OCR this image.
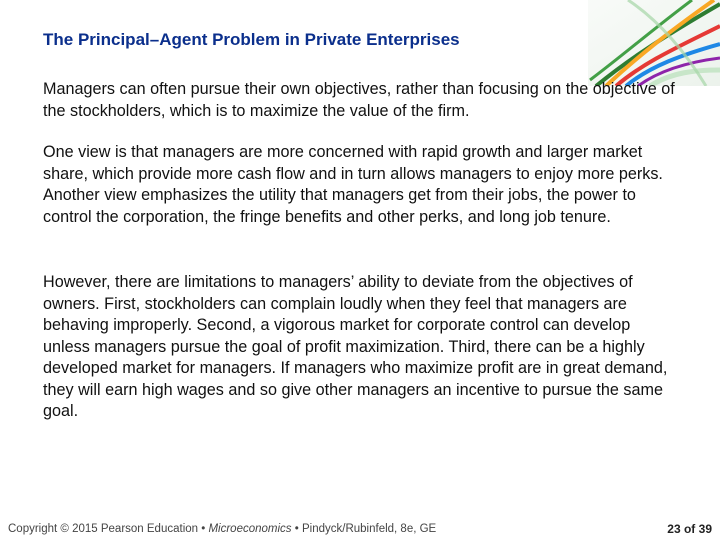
The Principal–Agent Problem in Private Enterprises
Managers can often pursue their own objectives, rather than focusing on the objective of the stockholders, which is to maximize the value of the firm.
One view is that managers are more concerned with rapid growth and larger market share, which provide more cash flow and in turn allows managers to enjoy more perks. Another view emphasizes the utility that managers get from their jobs, the power to control the corporation, the fringe benefits and other perks, and long job tenure.
However, there are limitations to managers’ ability to deviate from the objectives of owners. First, stockholders can complain loudly when they feel that managers are behaving improperly. Second, a vigorous market for corporate control can develop unless managers pursue the goal of profit maximization. Third, there can be a highly developed market for managers. If managers who maximize profit are in great demand, they will earn high wages and so give other managers an incentive to pursue the same goal.
Copyright © 2015 Pearson Education • Microeconomics • Pindyck/Rubinfeld, 8e, GE	23 of 39
